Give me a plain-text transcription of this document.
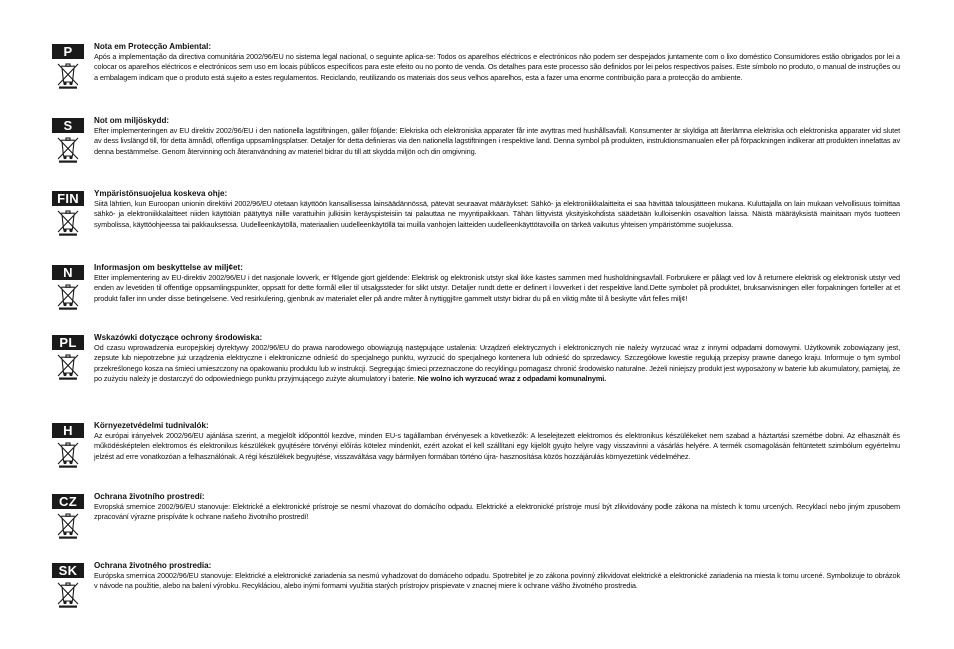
P	Nota em Protecção Ambiental:

Após a implementação da directiva comunitária 2002/96/EU no sistema legal nacional, o seguinte aplica-se: Todos os aparelhos eléctricos e electrónicos não podem ser despejados juntamente com o lixo doméstico Consumidores estão obrigados por lei a colocar os aparelhos eléctricos e electrónicos sem uso em locais públicos específicos para este efeito ou no ponto de venda. Os detalhes para este processo são definidos por lei pelos respectivos países. Este símbolo no produto, o manual de instruções ou a embalagem indicam que o produto está sujeito a estes regulamentos. Reciclando, reutilizando os materiais dos seus velhos aparelhos, esta a fazer uma enorme contribuição para a protecção do ambiente.

S	Not om miljöskydd:

Efter implementeringen av EU direktiv 2002/96/EU i den nationella lagstiftningen, gäller följande: Elekriska och elektroniska apparater får inte avyttras med hushållsavfall. Konsumenter är skyldiga att återlämna elektriska och elektroniska apparater vid slutet av dess livslängd till, för detta ämnådl, offentliga uppsamlingsplatser. Detaljer för detta definieras via den nationella lagstiftningen i respektive land. Denna symbol på produkten, instruktionsmanualen eller på förpackningen indikerar att produkten innefattas av denna bestämmelse. Genom återvinning och återanvändning av materiel bidrar du till att skydda miljön och din omgivning.

FIN	Ympäristönsuojelua koskeva ohje:

Siitä lähtien, kun Euroopan unionin direktiivi 2002/96/EU otetaan käyttöön kansallisessa lainsäädännössä, pätevät seuraavat määräykset: Sähkö- ja elektroniikkalaitteita ei saa hävittää talousjätteen mukana. Kuluttajalla on lain mukaan velvollisuus toimittaa sähkö- ja elektroniikkalaitteet niiden käyttöiän päätyttyä niille varattuihin julkisiin keräyspisteisiin tai palauttaa ne myyntipaikkaan. Tähän liittyvistä yksityiskohdista säädetään kulloisenkin osavaltion laissa. Näistä määräyksistä mainitaan myös tuotteen symbolissa, käyttöohjeessa tai pakkauksessa. Uudelleenkäytöllä, materiaalien uudelleenkäytöllä tai muilla vanhojen laitteiden uudelleenkäyttötavoilla on tärkeä vaikutus yhteisen ympäristömme suojelussa.

N	Informasjon om beskyttelse av milj¢et:

Etter implementering av EU-direktiv 2002/96/EU i det nasjonale lovverk, er f¢lgende gjort gjeldende: Elektrisk og elektronisk utstyr skal ikke kastes sammen med husholdningsavfall. Forbrukere er pålagt ved lov å returnere elektrisk og elektronisk utstyr ved enden av levetiden til offentlige oppsamlingspunkter, oppsatt for dette formål eller til utsalgssteder for slikt utstyr. Detaljer rundt dette er definert i lovverket i det respektive land.Dette symbolet på produktet, bruksanvisningen eller forpakningen forteller at et produkt faller inn under disse betingelsene. Ved resirkulering, gjenbruk av materialet eller på andre måter å nyttiggj¢re gammelt utstyr bidrar du på en viktig måte til å beskytte vårt felles milj¢!

PL	Wskazówki dotyczące ochrony środowiska:

Od czasu wprowadzenia europejskiej dyrektywy 2002/96/EU do prawa narodowego obowiązują następujące ustalenia: Urządzeń elektrycznych i elektronicznych nie należy wyrzucać wraz z innymi odpadami domowymi. Użytkownik zobowiązany jest, zepsute lub niepotrzebne już urządzenia elektryczne i elektroniczne odnieść do specjalnego punktu, wyrzucić do specjalnego kontenera lub odnieść do sprzedawcy. Szczegółowe kwestie regulują przepisy prawne danego kraju. Informuje o tym symbol przekreślonego kosza na śmieci umieszczony na opakowaniu produktu lub w instrukcji. Segregując śmieci przeznaczone do recyklingu pomagasz chronić środowisko naturalne. Jeżeli niniejszy produkt jest wyposażony w baterie lub akumulatory, pamiętaj, że po zużyciu należy je dostarczyć do odpowiedniego punktu przyjmującego zużyte akumulatory i baterie. Nie wolno ich wyrzucać wraz z odpadami komunalnymi.

H	Környezetvédelmi tudnivalók:

Az európai irányelvek 2002/96/EU ajánlása szerint, a megjelölt időponttól kezdve, minden EU-s tagállamban érvényesek a következők: A leselejtezett elektromos és elektronikus készülékeket nem szabad a háztartási szemétbe dobni. Az elhasznált és működésképtelen elektromos és elektronikus készülékek gyujtésére törvényi előírás kötelez mindenkit, ezért azokat el kell szállítani egy kijelölt gyujto helyre vagy visszavinni a vásárlás helyére. A termék csomagolásán feltüntetett szimbólum egyértelmu jelzést ad erre vonatkozóan a felhasználónak. A régi készülékek begyujtése, visszaváltása vagy bármilyen formában történo újra- hasznosítása közös hozzájárulás környezetünk védelméhez.

CZ	Ochrana životního prostredí:

Evropská smernice 2002/96/EU stanovuje: Elektrické a elektronické prístroje se nesmí vhazovat do domácího odpadu. Elektrické a elektronické prístroje musí být zlikvidovány podle zákona na místech k tomu urcených. Recyklací nebo jiným zpusobem zpracování výrazne prispíváte k ochrane našeho životního prostredí!

SK	Ochrana životného prostredia:

Európska smernica 20002/96/EU stanovuje: Elektrické a elektronické zariadenia sa nesmú vyhadzovat do domáceho odpadu. Spotrebitel je zo zákona povinný zlikvidovat elektrické a elektronické zariadenia na miesta k tomu urcené. Symbolizuje to obrázok v návode na použitie, alebo na balení výrobku. Recykláciou, alebo inými formami využitia starých prístrojov prispievate v znacnej miere k ochrane vášho životného prostredia.
